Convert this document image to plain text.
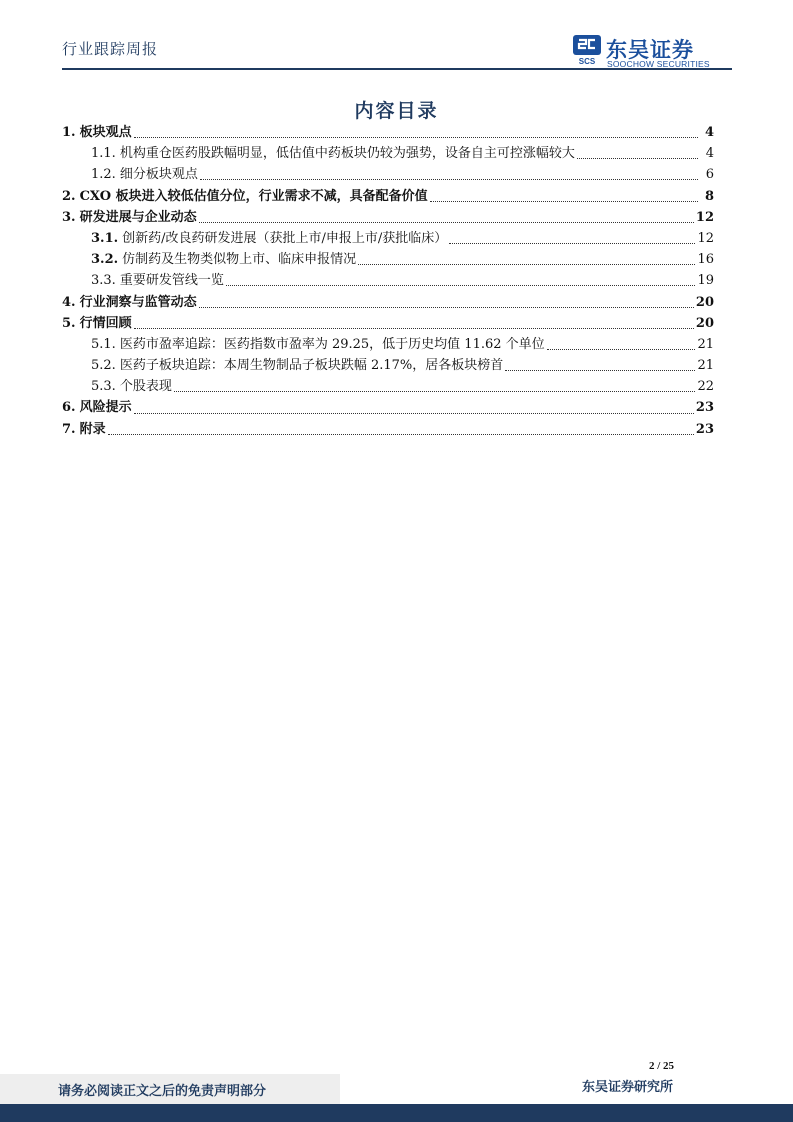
行业跟踪周报
SCS 东吴证券
SOOCHOW SECURITIES
内容目录
1. 板块观点	4
1.1. 机构重仓医药股跌幅明显，低估值中药板块仍较为强势，设备自主可控涨幅较大	4
1.2. 细分板块观点	6
2. CXO 板块进入较低估值分位，行业需求不减，具备配备价值	8
3. 研发进展与企业动态	12
3.1. 创新药/改良药研发进展（获批上市/申报上市/获批临床）	12
3.2. 仿制药及生物类似物上市、临床申报情况	16
3.3. 重要研发管线一览	19
4. 行业洞察与监管动态	20
5. 行情回顾	20
5.1. 医药市盈率追踪：医药指数市盈率为 29.25，低于历史均值 11.62 个单位	21
5.2. 医药子板块追踪：本周生物制品子板块跌幅 2.17%，居各板块榜首	21
5.3. 个股表现	22
6. 风险提示	23
7. 附录	23
2 / 25
请务必阅读正文之后的免责声明部分	东吴证券研究所
